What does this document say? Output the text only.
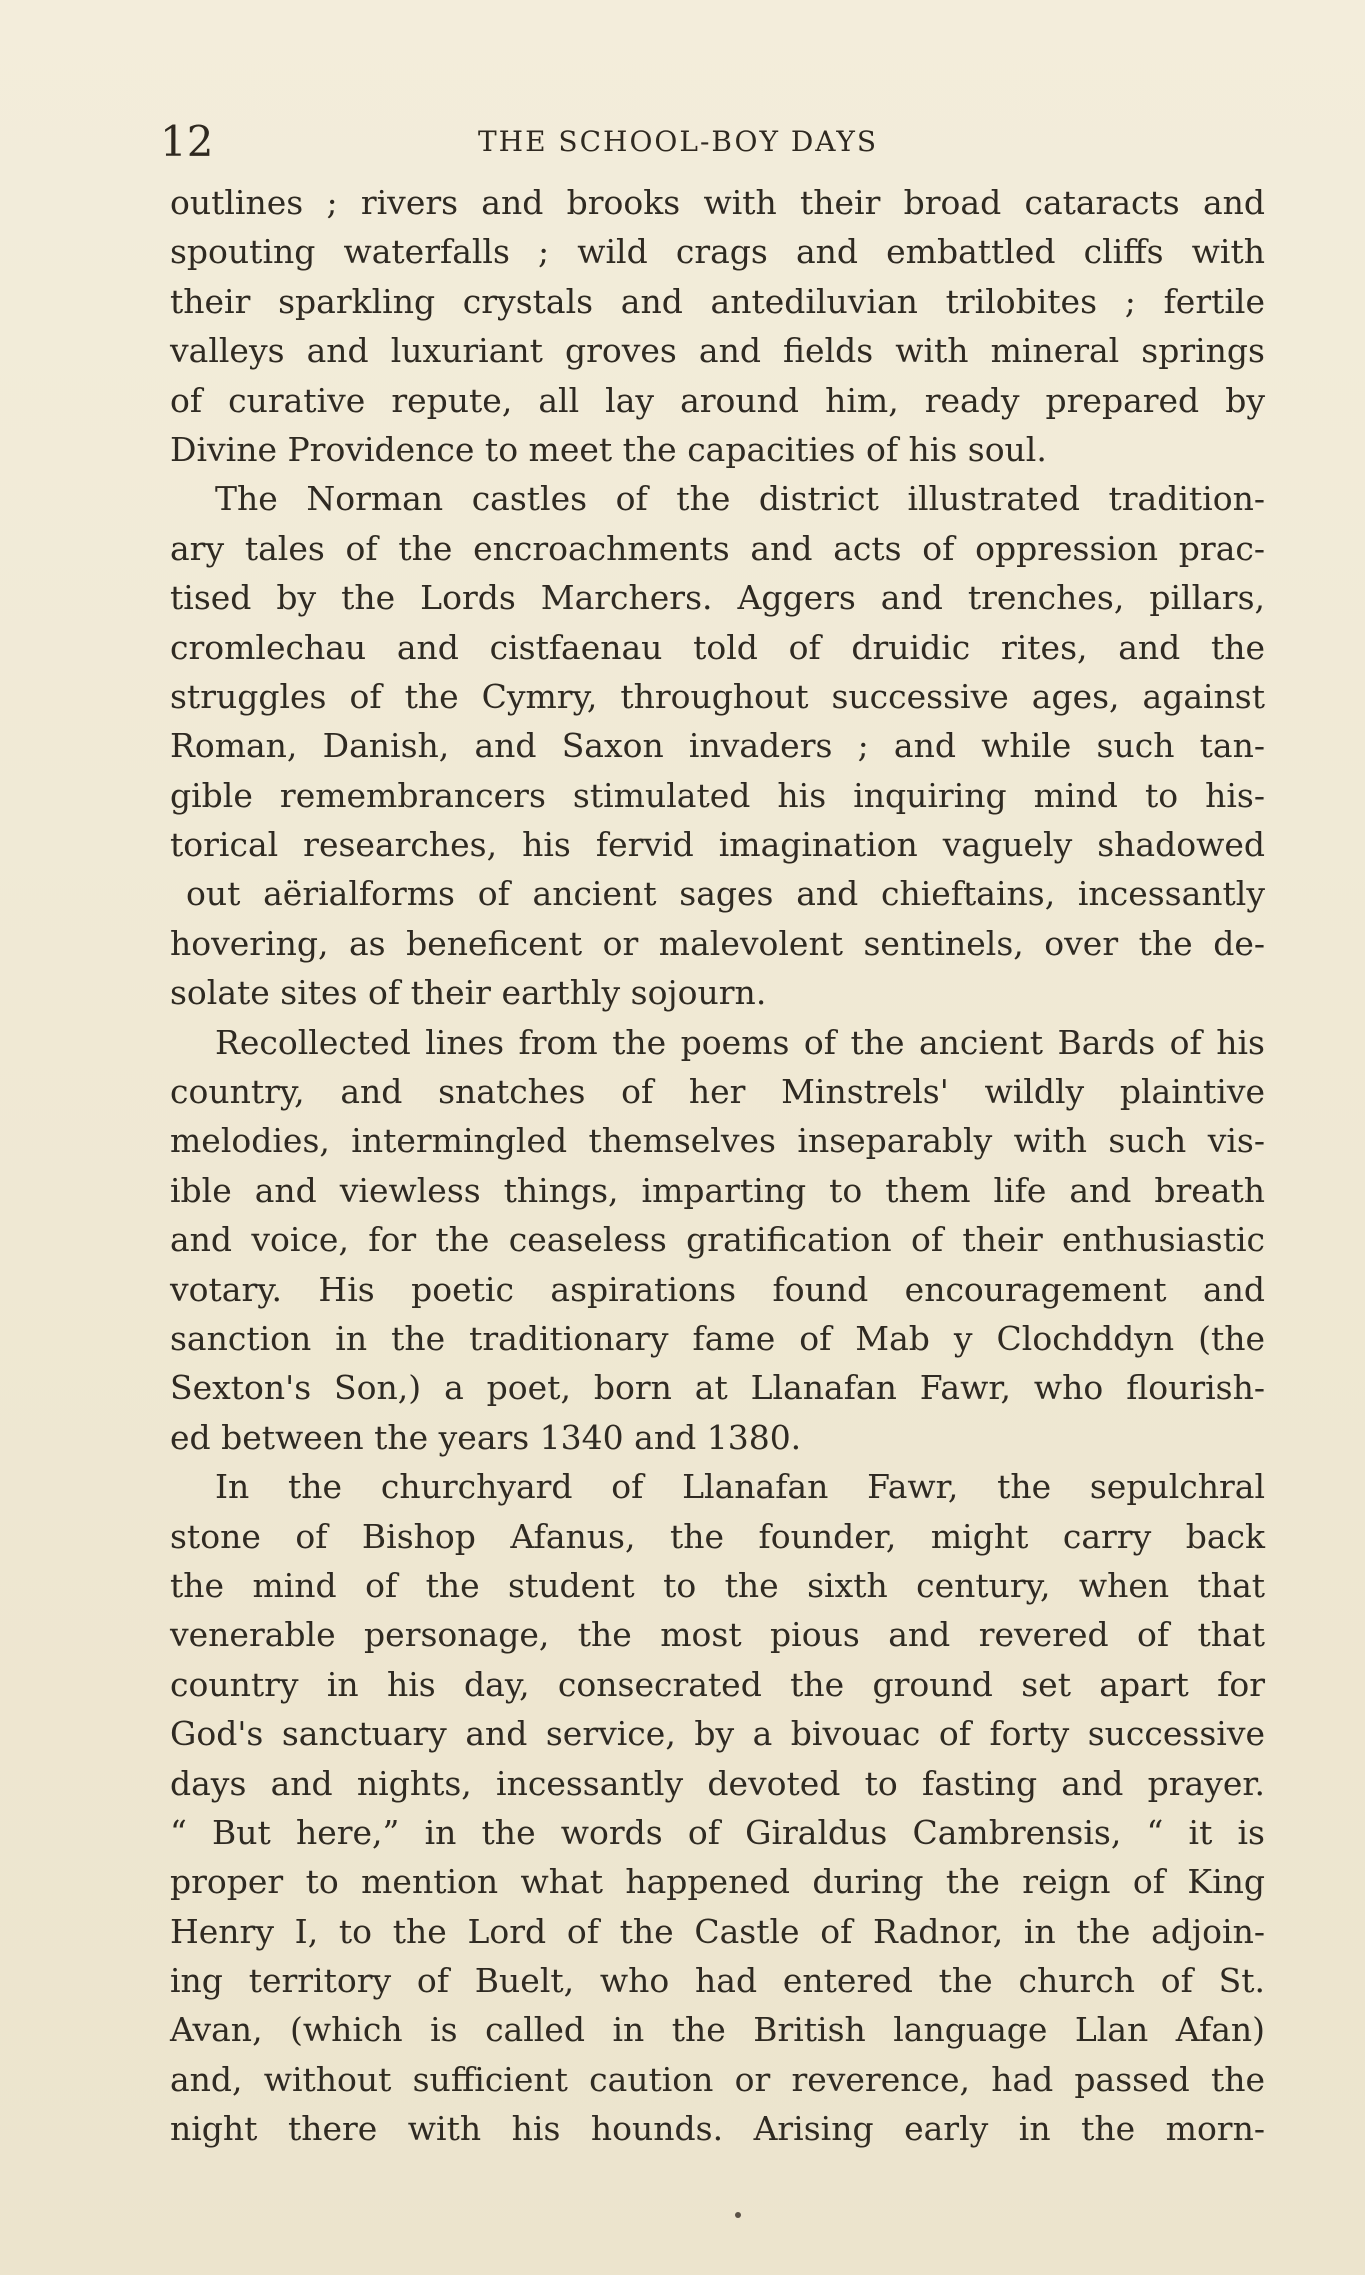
12	THE SCHOOL-BOY DAYS
outlines ; rivers and brooks with their broad cataracts and
spouting waterfalls ; wild crags and embattled cliffs with
their sparkling crystals and antediluvian trilobites ; fertile
valleys and luxuriant groves and fields with mineral springs
of curative repute, all lay around him, ready prepared by
Divine Providence to meet the capacities of his soul.
The Norman castles of the district illustrated tradition-
ary tales of the encroachments and acts of oppression prac-
tised by the Lords Marchers. Aggers and trenches, pillars,
cromlechau and cistfaenau told of druidic rites, and the
struggles of the Cymry, throughout successive ages, against
Roman, Danish, and Saxon invaders ; and while such tan-
gible remembrancers stimulated his inquiring mind to his-
torical researches, his fervid imagination vaguely shadowed
out aërialforms of ancient sages and chieftains, incessantly
hovering, as beneficent or malevolent sentinels, over the de-
solate sites of their earthly sojourn.
Recollected lines from the poems of the ancient Bards of his
country, and snatches of her Minstrels' wildly plaintive
melodies, intermingled themselves inseparably with such vis-
ible and viewless things, imparting to them life and breath
and voice, for the ceaseless gratification of their enthusiastic
votary. His poetic aspirations found encouragement and
sanction in the traditionary fame of Mab y Clochddyn (the
Sexton's Son,) a poet, born at Llanafan Fawr, who flourish-
ed between the years 1340 and 1380.
In the churchyard of Llanafan Fawr, the sepulchral
stone of Bishop Afanus, the founder, might carry back
the mind of the student to the sixth century, when that
venerable personage, the most pious and revered of that
country in his day, consecrated the ground set apart for
God's sanctuary and service, by a bivouac of forty successive
days and nights, incessantly devoted to fasting and prayer.
“ But here,” in the words of Giraldus Cambrensis, “ it is
proper to mention what happened during the reign of King
Henry I, to the Lord of the Castle of Radnor, in the adjoin-
ing territory of Buelt, who had entered the church of St.
Avan, (which is called in the British language Llan Afan)
and, without sufficient caution or reverence, had passed the
night there with his hounds. Arising early in the morn-
